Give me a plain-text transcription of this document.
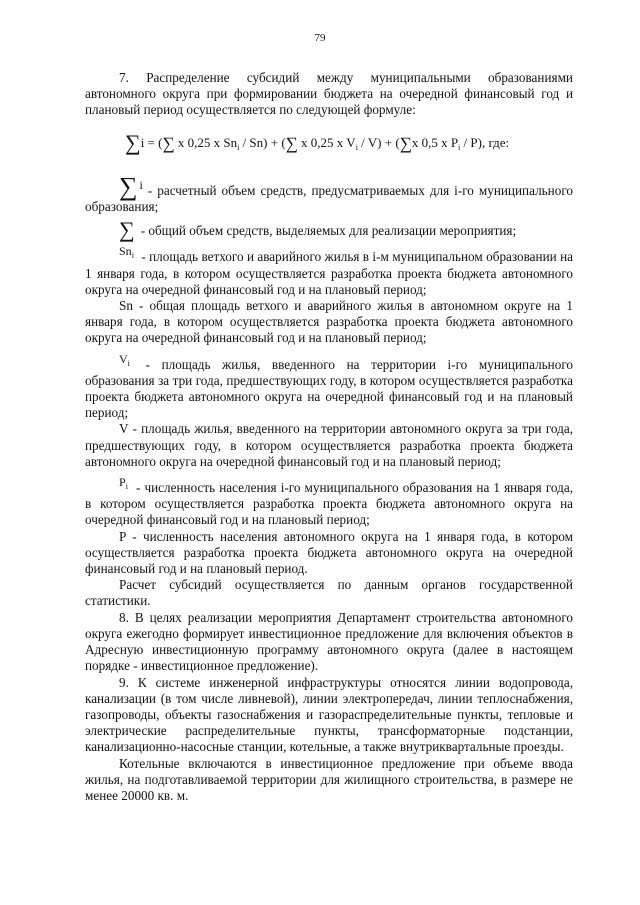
79

7. Распределение субсидий между муниципальными образованиями автономного округа при формировании бюджета на очередной финансовый год и плановый период осуществляется по следующей формуле:

∑i = (∑ x 0,25 x $Sn_i / Sn$) + (∑ x 0,25 x $V_i / V) + (\sum x$ 0,5 x $P_i / P$), где:

∑ i - расчетный объем средств, предусматриваемых для i-го муниципального образования;

∑ - общий объем средств, выделяемых для реализации мероприятия;

$Sn_i$ - площадь ветхого и аварийного жилья в i-м муниципальном образовании на 1 января года, в котором осуществляется разработка проекта бюджета автономного округа на очередной финансовый год и на плановый период;

Sn - общая площадь ветхого и аварийного жилья в автономном округе на 1 января года, в котором осуществляется разработка проекта бюджета автономного округа на очередной финансовый год и на плановый период;

$V_i$ - площадь жилья, введенного на территории i-го муниципального образования за три года, предшествующих году, в котором осуществляется разработка проекта бюджета автономного округа на очередной финансовый год и на плановый период;

V - площадь жилья, введенного на территории автономного округа за три года, предшествующих году, в котором осуществляется разработка проекта бюджета автономного округа на очередной финансовый год и на плановый период;

$P_i$ - численность населения i-го муниципального образования на 1 января года, в котором осуществляется разработка проекта бюджета автономного округа на очередной финансовый год и на плановый период;

P - численность населения автономного округа на 1 января года, в котором осуществляется разработка проекта бюджета автономного округа на очередной финансовый год и на плановый период.

Расчет субсидий осуществляется по данным органов государственной статистики.

8. В целях реализации мероприятия Департамент строительства автономного округа ежегодно формирует инвестиционное предложение для включения объектов в Адресную инвестиционную программу автономного округа (далее в настоящем порядке - инвестиционное предложение).

9. К системе инженерной инфраструктуры относятся линии водопровода, канализации (в том числе ливневой), линии электропередач, линии теплоснабжения, газопроводы, объекты газоснабжения и газораспределительные пункты, тепловые и электрические распределительные пункты, трансформаторные подстанции, канализационно-насосные станции, котельные, а также внутриквартальные проезды.

Котельные включаются в инвестиционное предложение при объеме ввода жилья, на подготавливаемой территории для жилищного строительства, в размере не менее 20000 кв. м.
